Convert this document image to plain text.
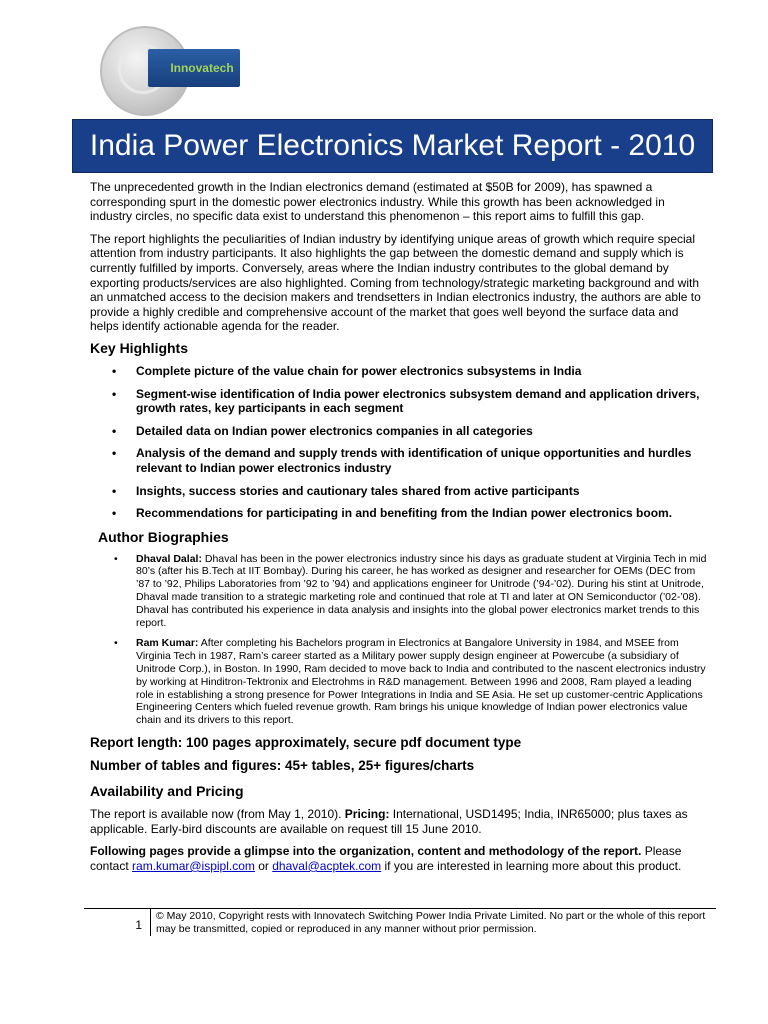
Innovatech
India Power Electronics Market Report - 2010

The unprecedented growth in the Indian electronics demand (estimated at $50B for 2009), has spawned a corresponding spurt in the domestic power electronics industry. While this growth has been acknowledged in industry circles, no specific data exist to understand this phenomenon – this report aims to fulfill this gap.

The report highlights the peculiarities of Indian industry by identifying unique areas of growth which require special attention from industry participants. It also highlights the gap between the domestic demand and supply which is currently fulfilled by imports. Conversely, areas where the Indian industry contributes to the global demand by exporting products/services are also highlighted. Coming from technology/strategic marketing background and with an unmatched access to the decision makers and trendsetters in Indian electronics industry, the authors are able to provide a highly credible and comprehensive account of the market that goes well beyond the surface data and helps identify actionable agenda for the reader.

Key Highlights
• Complete picture of the value chain for power electronics subsystems in India
• Segment-wise identification of India power electronics subsystem demand and application drivers, growth rates, key participants in each segment
• Detailed data on Indian power electronics companies in all categories
• Analysis of the demand and supply trends with identification of unique opportunities and hurdles relevant to Indian power electronics industry
• Insights, success stories and cautionary tales shared from active participants
• Recommendations for participating in and benefiting from the Indian power electronics boom.
Author Biographies
• Dhaval Dalal: Dhaval has been in the power electronics industry since his days as graduate student at Virginia Tech in mid 80’s (after his B.Tech at IIT Bombay). During his career, he has worked as designer and researcher for OEMs (DEC from ’87 to ’92, Philips Laboratories from ’92 to ’94) and applications engineer for Unitrode (’94-’02). During his stint at Unitrode, Dhaval made transition to a strategic marketing role and continued that role at TI and later at ON Semiconductor (’02-’08). Dhaval has contributed his experience in data analysis and insights into the global power electronics market trends to this report.
• Ram Kumar: After completing his Bachelors program in Electronics at Bangalore University in 1984, and MSEE from Virginia Tech in 1987, Ram’s career started as a Military power supply design engineer at Powercube (a subsidiary of Unitrode Corp.), in Boston. In 1990, Ram decided to move back to India and contributed to the nascent electronics industry by working at Hinditron-Tektronix and Electrohms in R&D management. Between 1996 and 2008, Ram played a leading role in establishing a strong presence for Power Integrations in India and SE Asia. He set up customer-centric Applications Engineering Centers which fueled revenue growth. Ram brings his unique knowledge of Indian power electronics value chain and its drivers to this report.
Report length: 100 pages approximately, secure pdf document type
Number of tables and figures: 45+ tables, 25+ figures/charts
Availability and Pricing

The report is available now (from May 1, 2010). Pricing: International, USD1495; India, INR65000; plus taxes as applicable. Early-bird discounts are available on request till 15 June 2010.

Following pages provide a glimpse into the organization, content and methodology of the report. Please contact ram.kumar@ispipl.com or dhaval@acptek.com if you are interested in learning more about this product.

1
© May 2010, Copyright rests with Innovatech Switching Power India Private Limited. No part or the whole of this report may be transmitted, copied or reproduced in any manner without prior permission.
